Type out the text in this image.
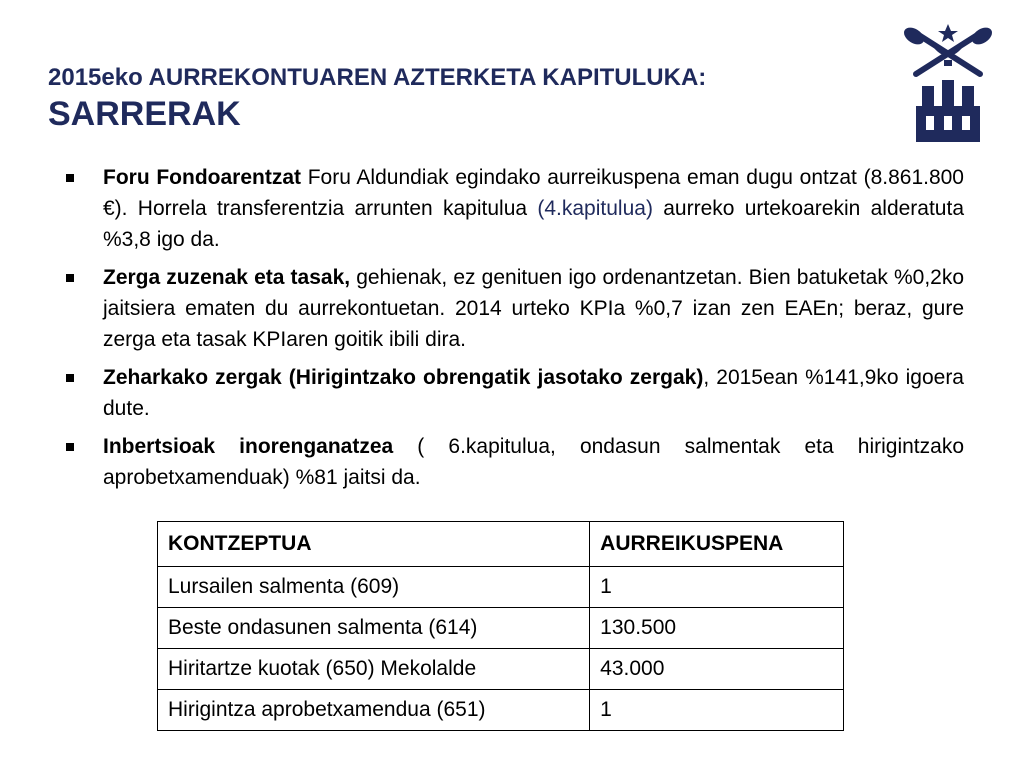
2015eko AURREKONTUAREN AZTERKETA KAPITULUKA:
SARRERAK
Foru Fondoarentzat Foru Aldundiak egindako aurreikuspena eman dugu ontzat (8.861.800 €). Horrela transferentzia arrunten kapitulua (4.kapitulua) aurreko urtekoarekin alderatuta %3,8 igo da.
Zerga zuzenak eta tasak, gehienak, ez genituen igo ordenantzetan. Bien batuketak %0,2ko jaitsiera ematen du aurrekontuetan. 2014 urteko KPIa %0,7 izan zen EAEn; beraz, gure zerga eta tasak KPIaren goitik ibili dira.
Zeharkako zergak (Hirigintzako obrengatik jasotako zergak), 2015ean %141,9ko igoera dute.
Inbertsioak inorenganatzea ( 6.kapitulua, ondasun salmentak eta hirigintzako aprobetxamenduak) %81 jaitsi da.
KONTZEPTUA	AURREIKUSPENA
Lursailen salmenta (609)	1
Beste ondasunen salmenta (614)	130.500
Hiritartze kuotak (650) Mekolalde	43.000
Hirigintza aprobetxamendua (651)	1
